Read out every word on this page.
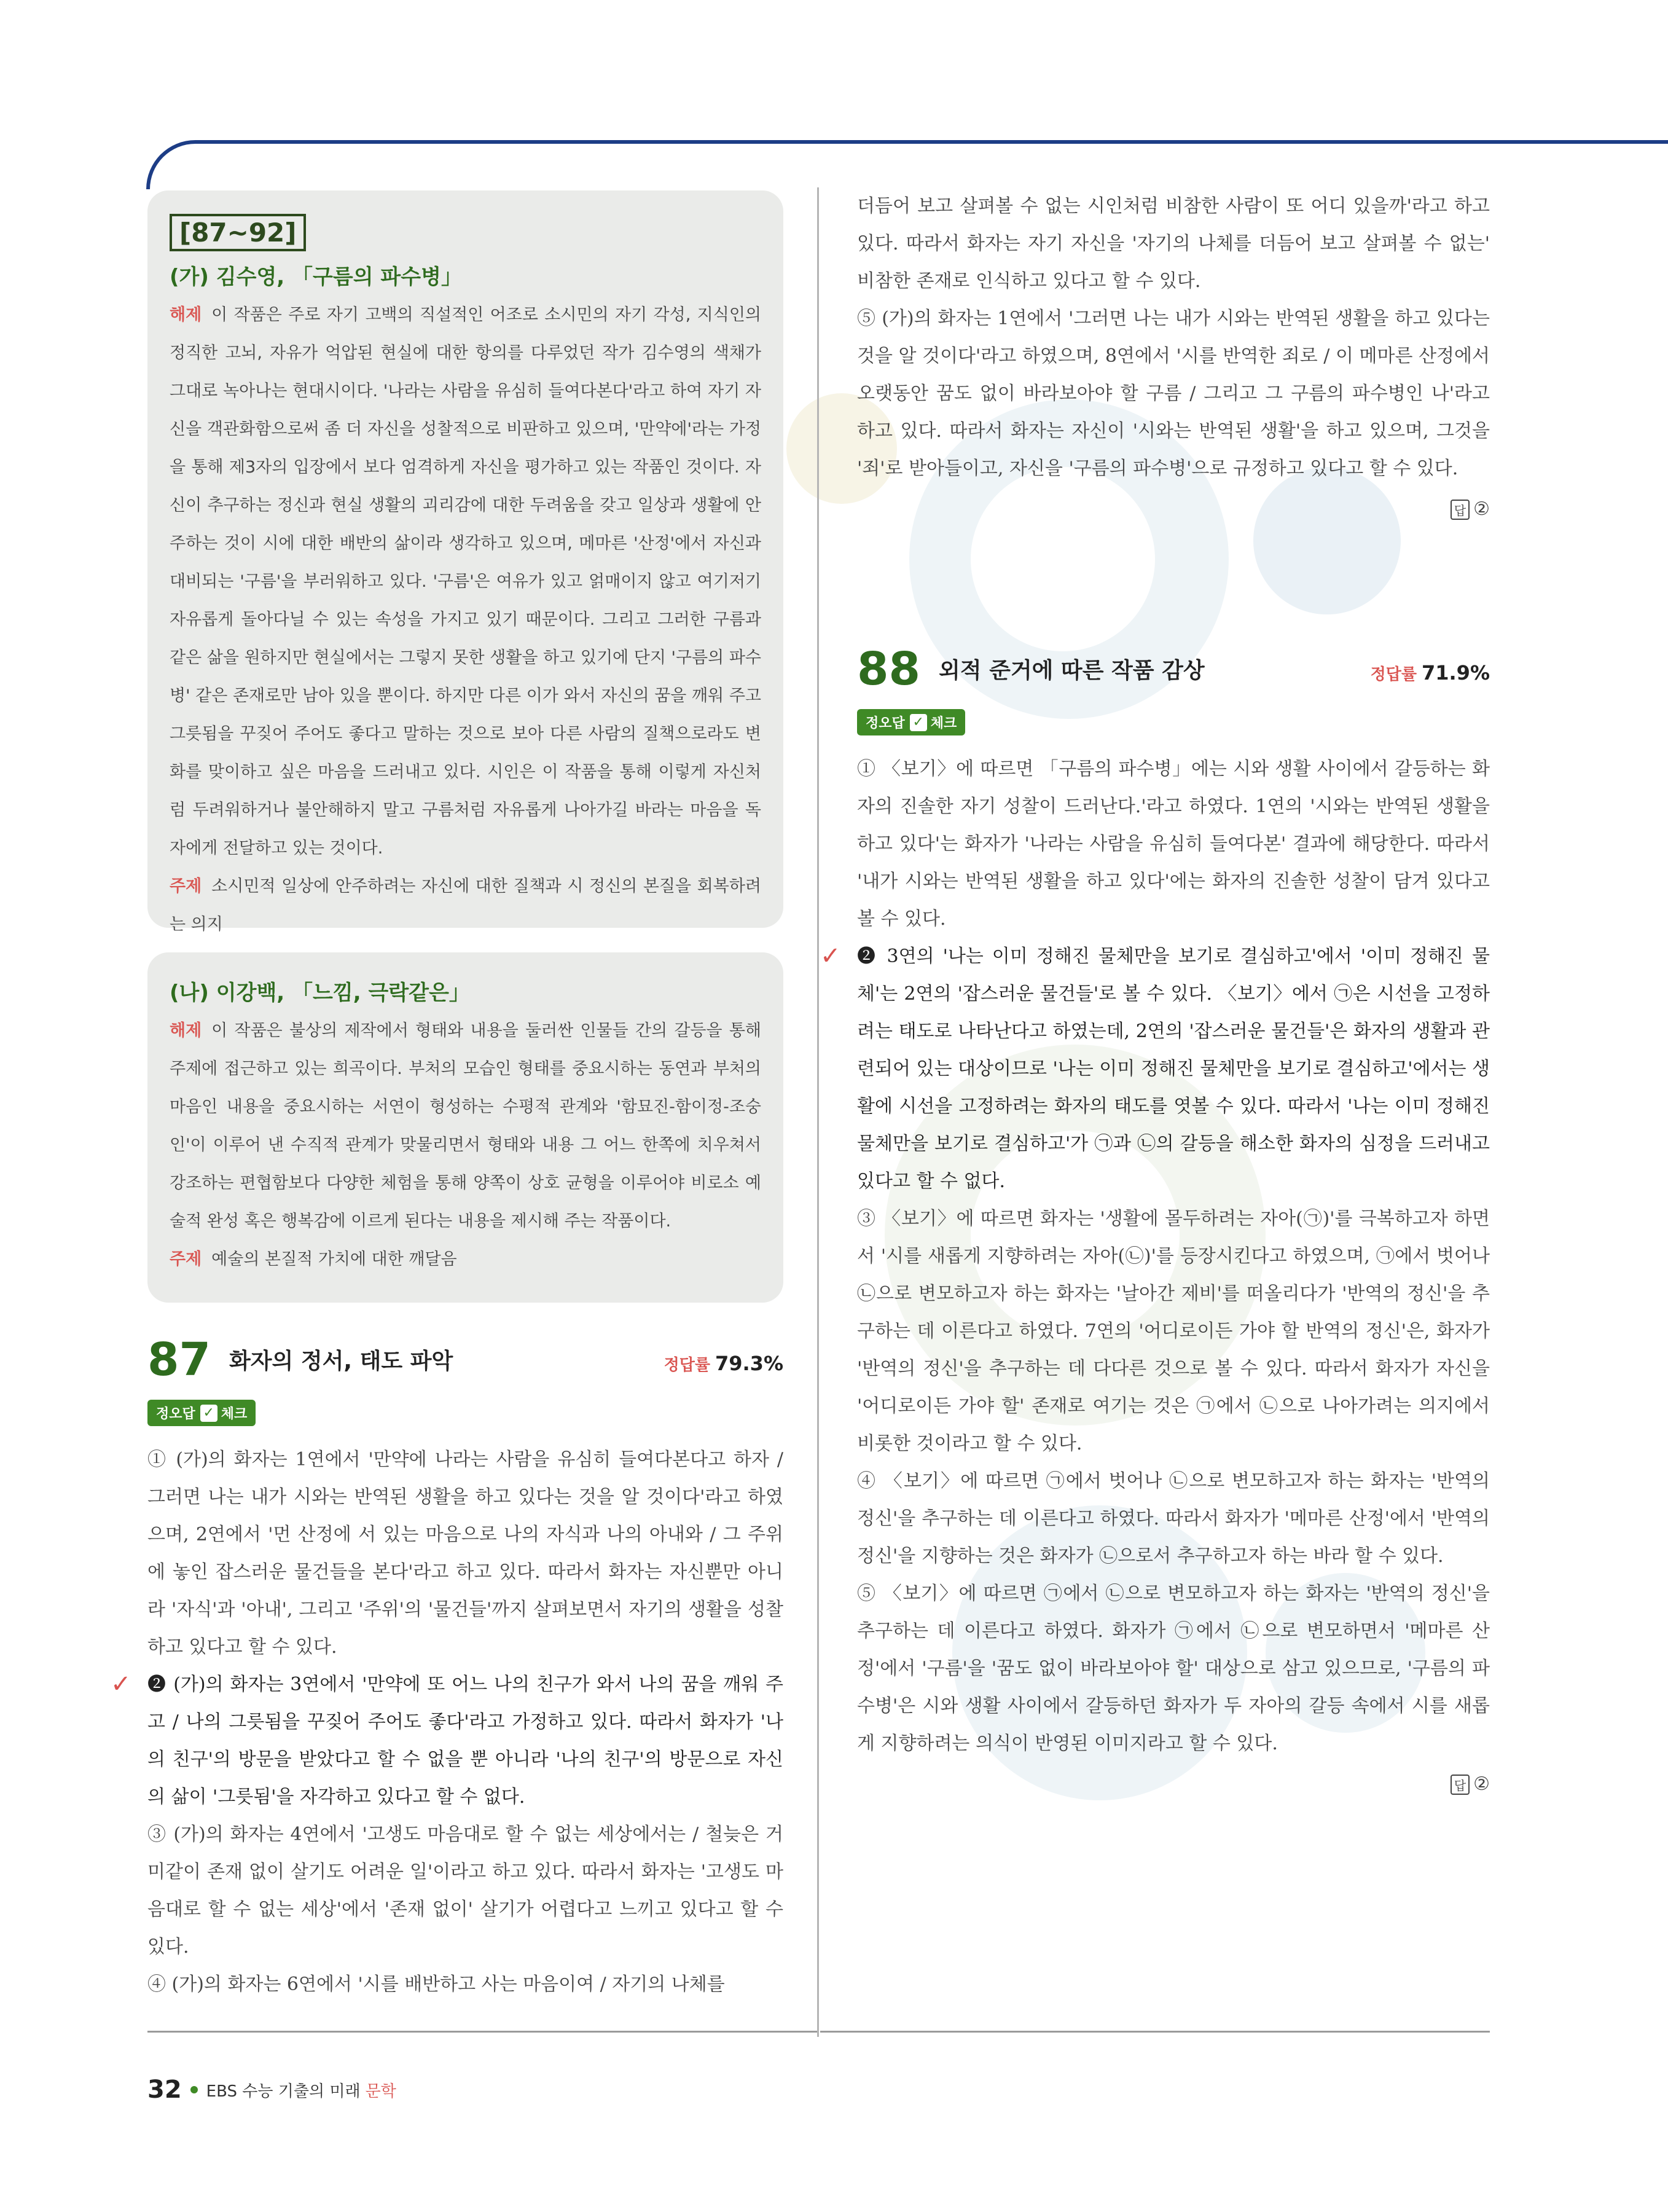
[87~92]
(가) 김수영, 「구름의 파수병」

해제 이 작품은 주로 자기 고백의 직설적인 어조로 소시민의 자기 각성, 지식인의 정직한 고뇌, 자유가 억압된 현실에 대한 항의를 다루었던 작가 김수영의 색채가 그대로 녹아나는 현대시이다. '나라는 사람을 유심히 들여다본다'라고 하여 자기 자신을 객관화함으로써 좀 더 자신을 성찰적으로 비판하고 있으며, '만약에'라는 가정을 통해 제3자의 입장에서 보다 엄격하게 자신을 평가하고 있는 작품인 것이다. 자신이 추구하는 정신과 현실 생활의 괴리감에 대한 두려움을 갖고 일상과 생활에 안주하는 것이 시에 대한 배반의 삶이라 생각하고 있으며, 메마른 '산정'에서 자신과 대비되는 '구름'을 부러워하고 있다. '구름'은 여유가 있고 얽매이지 않고 여기저기 자유롭게 돌아다닐 수 있는 속성을 가지고 있기 때문이다. 그리고 그러한 구름과 같은 삶을 원하지만 현실에서는 그렇지 못한 생활을 하고 있기에 단지 '구름의 파수병' 같은 존재로만 남아 있을 뿐이다. 하지만 다른 이가 와서 자신의 꿈을 깨워 주고 그릇됨을 꾸짖어 주어도 좋다고 말하는 것으로 보아 다른 사람의 질책으로라도 변화를 맞이하고 싶은 마음을 드러내고 있다. 시인은 이 작품을 통해 이렇게 자신처럼 두려워하거나 불안해하지 말고 구름처럼 자유롭게 나아가길 바라는 마음을 독자에게 전달하고 있는 것이다.

주제 소시민적 일상에 안주하려는 자신에 대한 질책과 시 정신의 본질을 회복하려는 의지

(나) 이강백, 「느낌, 극락같은」

해제 이 작품은 불상의 제작에서 형태와 내용을 둘러싼 인물들 간의 갈등을 통해 주제에 접근하고 있는 희곡이다. 부처의 모습인 형태를 중요시하는 동연과 부처의 마음인 내용을 중요시하는 서연이 형성하는 수평적 관계와 '함묘진-함이정-조숭인'이 이루어 낸 수직적 관계가 맞물리면서 형태와 내용 그 어느 한쪽에 치우쳐서 강조하는 편협함보다 다양한 체험을 통해 양쪽이 상호 균형을 이루어야 비로소 예술적 완성 혹은 행복감에 이르게 된다는 내용을 제시해 주는 작품이다.

주제 예술의 본질적 가치에 대한 깨달음

87 화자의 정서, 태도 파악	정답률 79.3%
정오답 ✓ 체크

① (가)의 화자는 1연에서 '만약에 나라는 사람을 유심히 들여다본다고 하자 / 그러면 나는 내가 시와는 반역된 생활을 하고 있다는 것을 알 것이다'라고 하였으며, 2연에서 '먼 산정에 서 있는 마음으로 나의 자식과 나의 아내와 / 그 주위에 놓인 잡스러운 물건들을 본다'라고 하고 있다. 따라서 화자는 자신뿐만 아니라 '자식'과 '아내', 그리고 '주위'의 '물건들'까지 살펴보면서 자기의 생활을 성찰하고 있다고 할 수 있다.

✓ ❷ (가)의 화자는 3연에서 '만약에 또 어느 나의 친구가 와서 나의 꿈을 깨워 주고 / 나의 그릇됨을 꾸짖어 주어도 좋다'라고 가정하고 있다. 따라서 화자가 '나의 친구'의 방문을 받았다고 할 수 없을 뿐 아니라 '나의 친구'의 방문으로 자신의 삶이 '그릇됨'을 자각하고 있다고 할 수 없다.

③ (가)의 화자는 4연에서 '고생도 마음대로 할 수 없는 세상에서는 / 철늦은 거미같이 존재 없이 살기도 어려운 일'이라고 하고 있다. 따라서 화자는 '고생도 마음대로 할 수 없는 세상'에서 '존재 없이' 살기가 어렵다고 느끼고 있다고 할 수 있다.

④ (가)의 화자는 6연에서 '시를 배반하고 사는 마음이여 / 자기의 나체를

더듬어 보고 살펴볼 수 없는 시인처럼 비참한 사람이 또 어디 있을까'라고 하고 있다. 따라서 화자는 자기 자신을 '자기의 나체를 더듬어 보고 살펴볼 수 없는' 비참한 존재로 인식하고 있다고 할 수 있다.

⑤ (가)의 화자는 1연에서 '그러면 나는 내가 시와는 반역된 생활을 하고 있다는 것을 알 것이다'라고 하였으며, 8연에서 '시를 반역한 죄로 / 이 메마른 산정에서 오랫동안 꿈도 없이 바라보아야 할 구름 / 그리고 그 구름의 파수병인 나'라고 하고 있다. 따라서 화자는 자신이 '시와는 반역된 생활'을 하고 있으며, 그것을 '죄'로 받아들이고, 자신을 '구름의 파수병'으로 규정하고 있다고 할 수 있다.

답 ②
88 외적 준거에 따른 작품 감상	정답률 71.9%
정오답 ✓ 체크

① 〈보기〉에 따르면 「구름의 파수병」에는 시와 생활 사이에서 갈등하는 화자의 진솔한 자기 성찰이 드러난다.'라고 하였다. 1연의 '시와는 반역된 생활을 하고 있다'는 화자가 '나라는 사람을 유심히 들여다본' 결과에 해당한다. 따라서 '내가 시와는 반역된 생활을 하고 있다'에는 화자의 진솔한 성찰이 담겨 있다고 볼 수 있다.

✓ ❷ 3연의 '나는 이미 정해진 물체만을 보기로 결심하고'에서 '이미 정해진 물체'는 2연의 '잡스러운 물건들'로 볼 수 있다. 〈보기〉에서 ㉠은 시선을 고정하려는 태도로 나타난다고 하였는데, 2연의 '잡스러운 물건들'은 화자의 생활과 관련되어 있는 대상이므로 '나는 이미 정해진 물체만을 보기로 결심하고'에서는 생활에 시선을 고정하려는 화자의 태도를 엿볼 수 있다. 따라서 '나는 이미 정해진 물체만을 보기로 결심하고'가 ㉠과 ㉡의 갈등을 해소한 화자의 심정을 드러내고 있다고 할 수 없다.

③ 〈보기〉에 따르면 화자는 '생활에 몰두하려는 자아(㉠)'를 극복하고자 하면서 '시를 새롭게 지향하려는 자아(㉡)'를 등장시킨다고 하였으며, ㉠에서 벗어나 ㉡으로 변모하고자 하는 화자는 '날아간 제비'를 떠올리다가 '반역의 정신'을 추구하는 데 이른다고 하였다. 7연의 '어디로이든 가야 할 반역의 정신'은, 화자가 '반역의 정신'을 추구하는 데 다다른 것으로 볼 수 있다. 따라서 화자가 자신을 '어디로이든 가야 할' 존재로 여기는 것은 ㉠에서 ㉡으로 나아가려는 의지에서 비롯한 것이라고 할 수 있다.

④ 〈보기〉에 따르면 ㉠에서 벗어나 ㉡으로 변모하고자 하는 화자는 '반역의 정신'을 추구하는 데 이른다고 하였다. 따라서 화자가 '메마른 산정'에서 '반역의 정신'을 지향하는 것은 화자가 ㉡으로서 추구하고자 하는 바라 할 수 있다.

⑤ 〈보기〉에 따르면 ㉠에서 ㉡으로 변모하고자 하는 화자는 '반역의 정신'을 추구하는 데 이른다고 하였다. 화자가 ㉠에서 ㉡으로 변모하면서 '메마른 산정'에서 '구름'을 '꿈도 없이 바라보아야 할' 대상으로 삼고 있으므로, '구름의 파수병'은 시와 생활 사이에서 갈등하던 화자가 두 자아의 갈등 속에서 시를 새롭게 지향하려는 의식이 반영된 이미지라고 할 수 있다.

답 ②
32 EBS 수능 기출의 미래 문학
